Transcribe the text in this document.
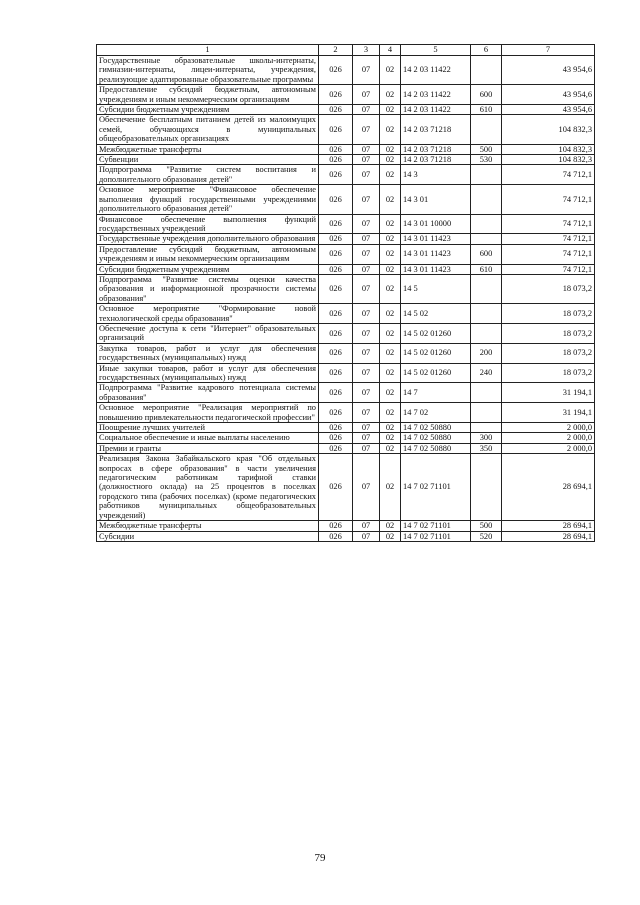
1	2	3	4	5	6	7
Государственные образовательные школы-интернаты, гимназии-интернаты, лицеи-интернаты, учреждения, реализующие адаптированные образовательные программы	026	07	02	14 2 03 11422		43 954,6
Предоставление субсидий бюджетным, автономным учреждениям и иным некоммерческим организациям	026	07	02	14 2 03 11422	600	43 954,6
Субсидии бюджетным учреждениям	026	07	02	14 2 03 11422	610	43 954,6
Обеспечение бесплатным питанием детей из малоимущих семей, обучающихся в муниципальных общеобразовательных организациях	026	07	02	14 2 03 71218		104 832,3
Межбюджетные трансферты	026	07	02	14 2 03 71218	500	104 832,3
Субвенции	026	07	02	14 2 03 71218	530	104 832,3
Подпрограмма "Развитие систем воспитания и дополнительного образования детей"	026	07	02	14 3		74 712,1
Основное мероприятие "Финансовое обеспечение выполнения функций государственными учреждениями дополнительного образования детей"	026	07	02	14 3 01		74 712,1
Финансовое обеспечение выполнения функций государственных учреждений	026	07	02	14 3 01 10000		74 712,1
Государственные учреждения дополнительного образования	026	07	02	14 3 01 11423		74 712,1
Предоставление субсидий бюджетным, автономным учреждениям и иным некоммерческим организациям	026	07	02	14 3 01 11423	600	74 712,1
Субсидии бюджетным учреждениям	026	07	02	14 3 01 11423	610	74 712,1
Подпрограмма "Развитие системы оценки качества образования и информационной прозрачности системы образования"	026	07	02	14 5		18 073,2
Основное мероприятие "Формирование новой технологической среды образования"	026	07	02	14 5 02		18 073,2
Обеспечение доступа к сети "Интернет" образовательных организаций	026	07	02	14 5 02 01260		18 073,2
Закупка товаров, работ и услуг для обеспечения государственных (муниципальных) нужд	026	07	02	14 5 02 01260	200	18 073,2
Иные закупки товаров, работ и услуг для обеспечения государственных (муниципальных) нужд	026	07	02	14 5 02 01260	240	18 073,2
Подпрограмма "Развитие кадрового потенциала системы образования"	026	07	02	14 7		31 194,1
Основное мероприятие "Реализация мероприятий по повышению привлекательности педагогической профессии"	026	07	02	14 7 02		31 194,1
Поощрение лучших учителей	026	07	02	14 7 02 50880		2 000,0
Социальное обеспечение и иные выплаты населению	026	07	02	14 7 02 50880	300	2 000,0
Премии и гранты	026	07	02	14 7 02 50880	350	2 000,0
Реализация Закона Забайкальского края "Об отдельных вопросах в сфере образования" в части увеличения педагогическим работникам тарифной ставки (должностного оклада) на 25 процентов в поселках городского типа (рабочих поселках) (кроме педагогических работников муниципальных общеобразовательных учреждений)	026	07	02	14 7 02 71101		28 694,1
Межбюджетные трансферты	026	07	02	14 7 02 71101	500	28 694,1
Субсидии	026	07	02	14 7 02 71101	520	28 694,1
79
